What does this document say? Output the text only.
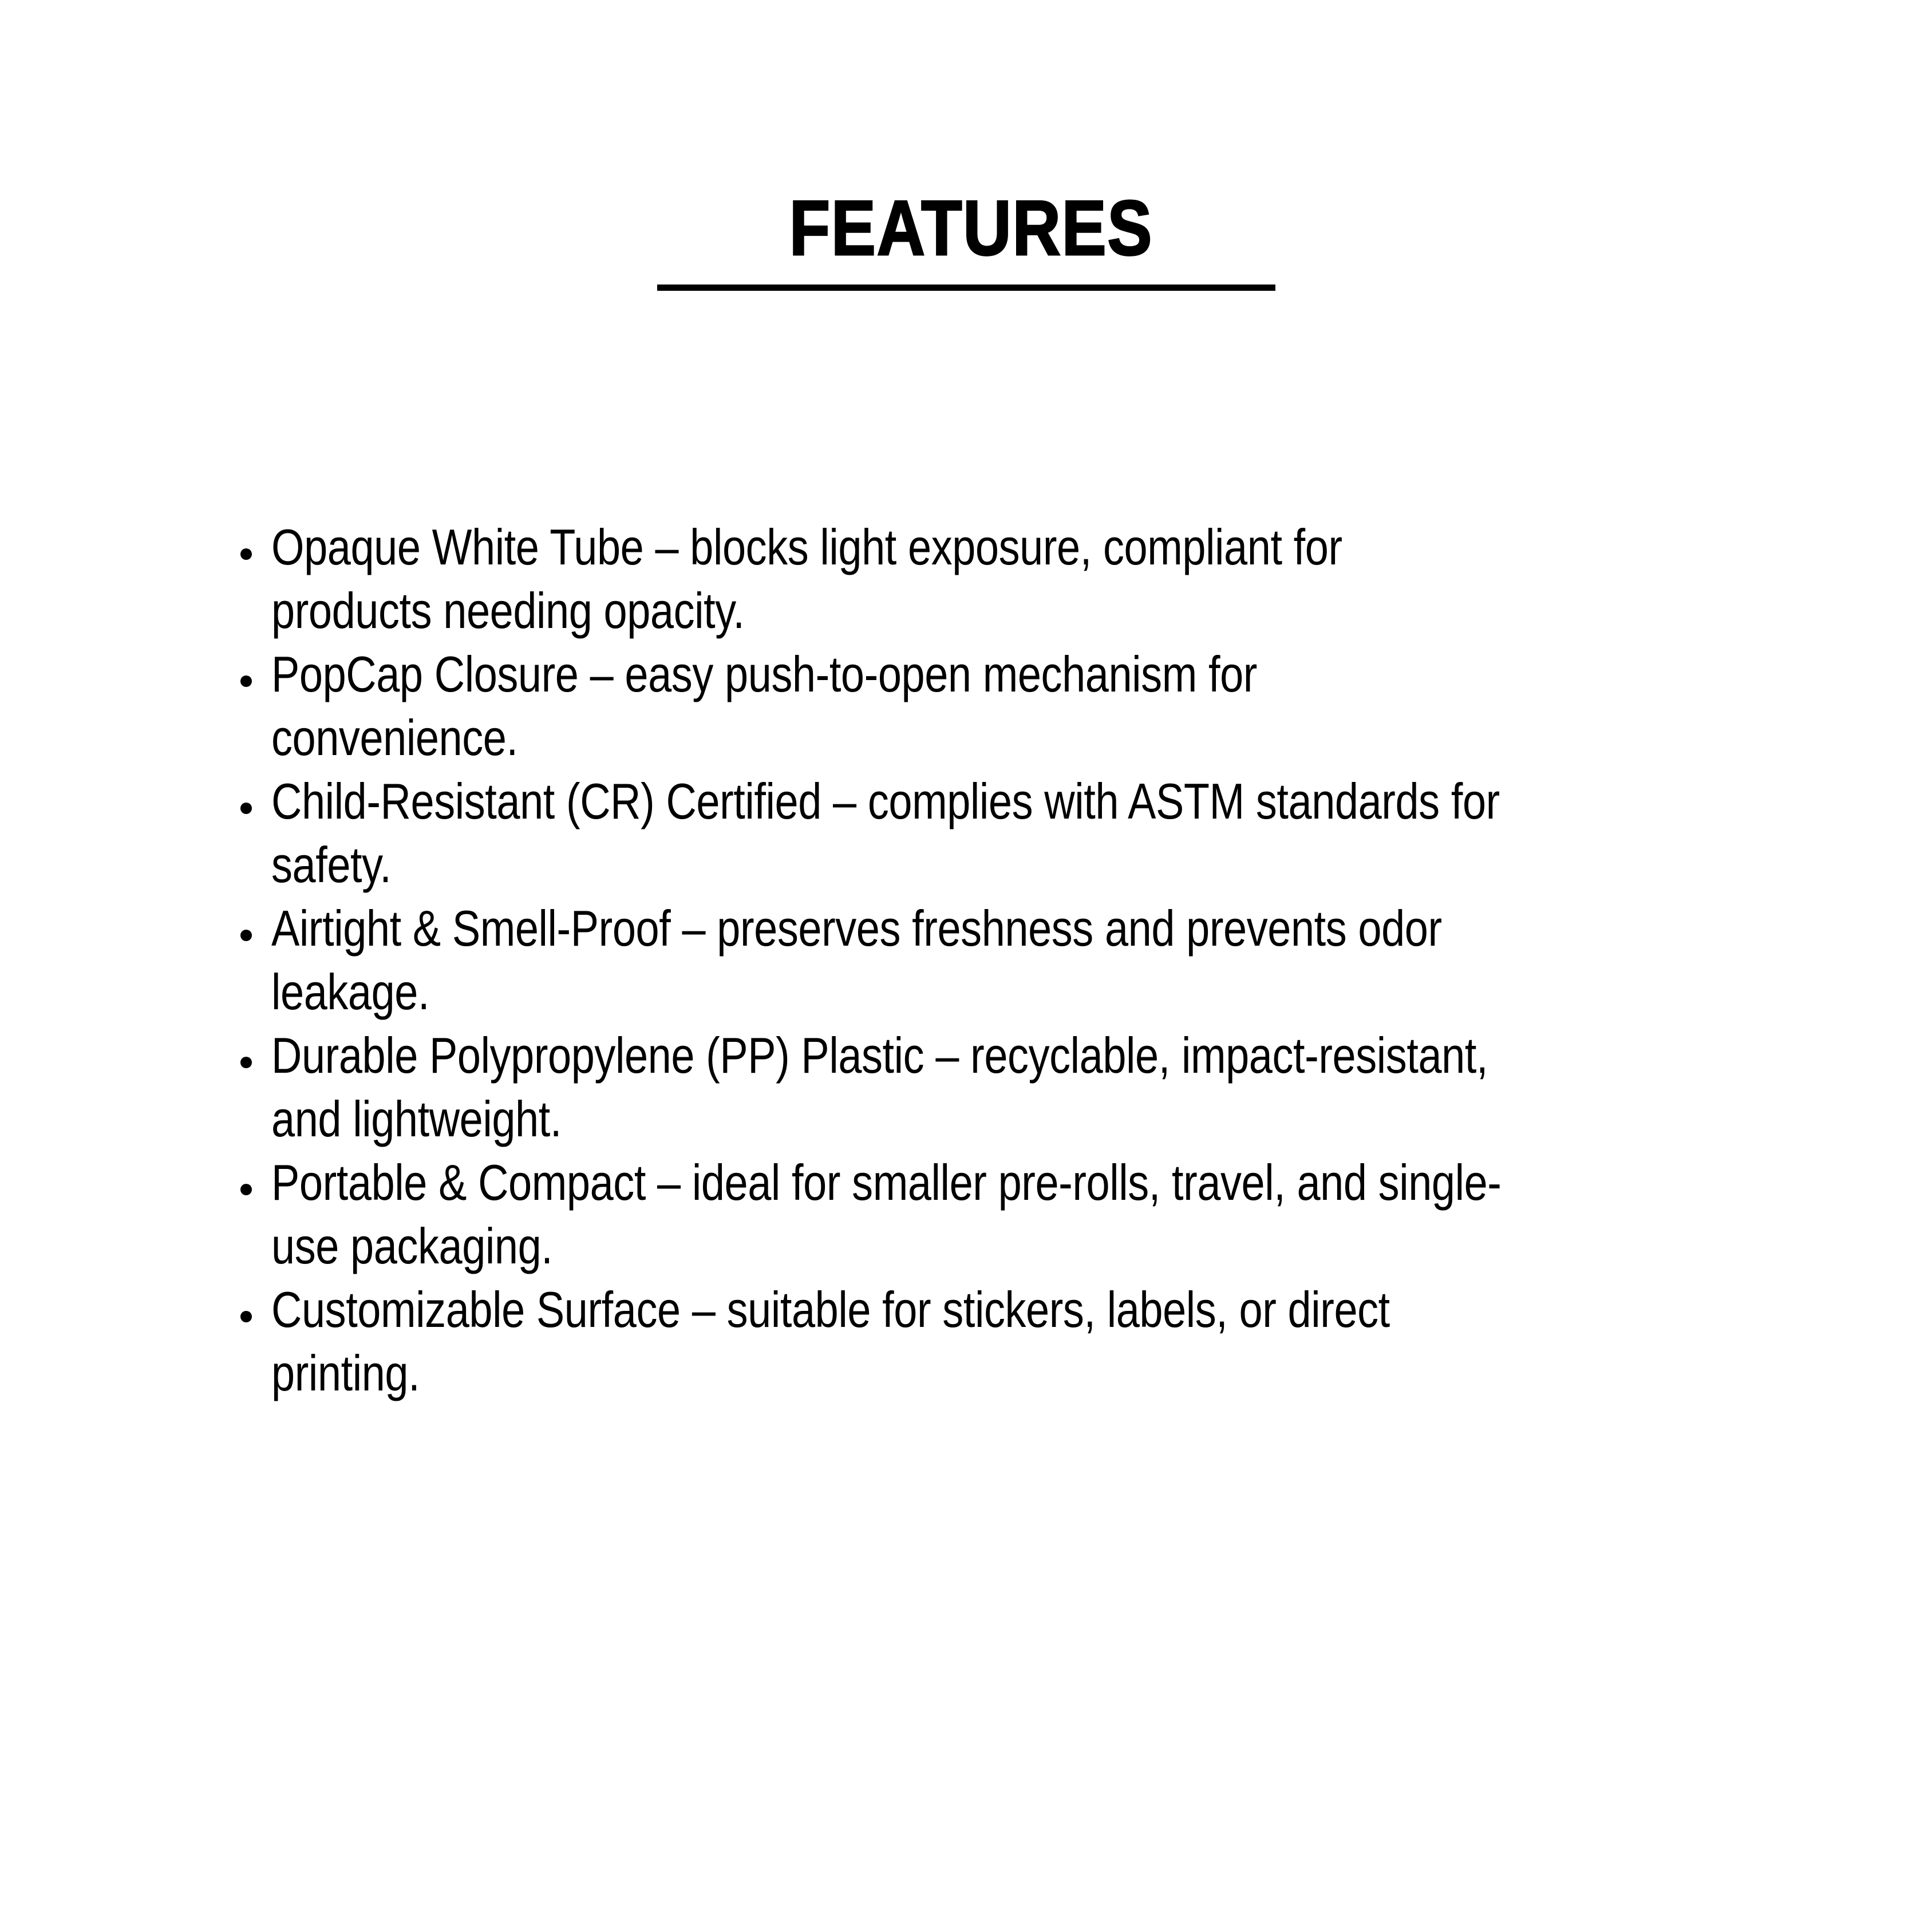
FEATURES
Opaque White Tube – blocks light exposure, compliant for
products needing opacity.
PopCap Closure – easy push-to-open mechanism for
convenience.
Child-Resistant (CR) Certified – complies with ASTM standards for
safety.
Airtight & Smell-Proof – preserves freshness and prevents odor
leakage.
Durable Polypropylene (PP) Plastic – recyclable, impact-resistant,
and lightweight.
Portable & Compact – ideal for smaller pre-rolls, travel, and single-
use packaging.
Customizable Surface – suitable for stickers, labels, or direct
printing.
